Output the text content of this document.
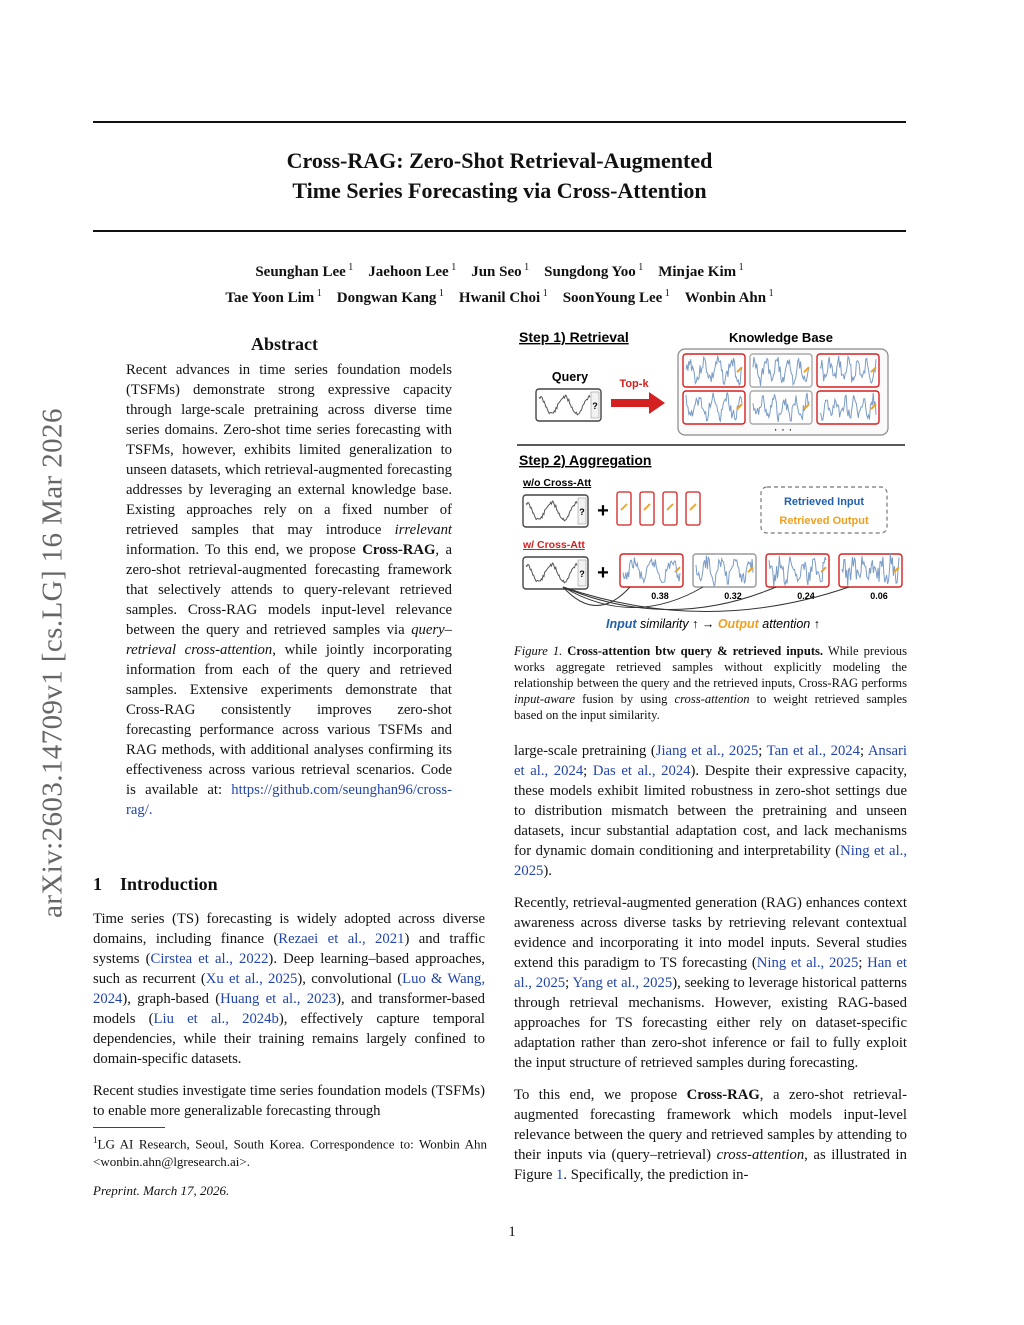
Cross-RAG: Zero-Shot Retrieval-Augmented
Time Series Forecasting via Cross-Attention
Seunghan Lee $^1$  Jaehoon Lee $^1$  Jun Seo $^1$  Sungdong Yoo $^1$  Minjae Kim $^1$
Tae Yoon Lim $^1$  Dongwan Kang $^1$  Hwanil Choi $^1$  SoonYoung Lee $^1$  Wonbin Ahn $^1$
arXiv:2603.14709v1 [cs.LG] 16 Mar 2026
Abstract
Recent advances in time series foundation models (TSFMs) demonstrate strong expressive capacity through large-scale pretraining across diverse time series domains. Zero-shot time series forecasting with TSFMs, however, exhibits limited generalization to unseen datasets, which retrieval-augmented forecasting addresses by leveraging an external knowledge base. Existing approaches rely on a fixed number of retrieved samples that may introduce irrelevant information. To this end, we propose Cross-RAG, a zero-shot retrieval-augmented forecasting framework that selectively attends to query-relevant retrieved samples. Cross-RAG models input-level relevance between the query and retrieved samples via query–retrieval cross-attention, while jointly incorporating information from each of the query and retrieved samples. Extensive experiments demonstrate that Cross-RAG consistently improves zero-shot forecasting performance across various TSFMs and RAG methods, with additional analyses confirming its effectiveness across various retrieval scenarios. Code is available at: https://github.com/seunghan96/cross-rag/.
1    Introduction

Time series (TS) forecasting is widely adopted across diverse domains, including finance (Rezaei et al., 2021) and traffic systems (Cirstea et al., 2022). Deep learning–based approaches, such as recurrent (Xu et al., 2025), convolutional (Luo & Wang, 2024), graph-based (Huang et al., 2023), and transformer-based models (Liu et al., 2024b), effectively capture temporal dependencies, while their training remains largely confined to domain-specific datasets.

Recent studies investigate time series foundation models (TSFMs) to enable more generalizable forecasting through

$^1$LG AI Research, Seoul, South Korea. Correspondence to: Wonbin Ahn <wonbin.ahn@lgresearch.ai>.
Preprint. March 17, 2026.
Step 1) Retrieval	Knowledge Base
· · ·
Query
?
Top-k
Step 2) Aggregation
w/o Cross-Att
? +	Retrieved Input
Retrieved Output
w/ Cross-Att
? +
0.38	0.32	0.24	0.06
Input similarity ↑ → Output attention ↑
Figure 1. Cross-attention btw query & retrieved inputs. While previous works aggregate retrieved samples without explicitly modeling the relationship between the query and the retrieved inputs, Cross-RAG performs input-aware fusion by using cross-attention to weight retrieved samples based on the input similarity.

large-scale pretraining (Jiang et al., 2025; Tan et al., 2024; Ansari et al., 2024; Das et al., 2024). Despite their expressive capacity, these models exhibit limited robustness in zero-shot settings due to distribution mismatch between the pretraining and unseen datasets, incur substantial adaptation cost, and lack mechanisms for dynamic domain conditioning and interpretability (Ning et al., 2025).

Recently, retrieval-augmented generation (RAG) enhances context awareness across diverse tasks by retrieving relevant contextual evidence and incorporating it into model inputs. Several studies extend this paradigm to TS forecasting (Ning et al., 2025; Han et al., 2025; Yang et al., 2025), seeking to leverage historical patterns through retrieval mechanisms. However, existing RAG-based approaches for TS forecasting either rely on dataset-specific adaptation rather than zero-shot inference or fail to fully exploit the input structure of retrieved samples during forecasting.

To this end, we propose Cross-RAG, a zero-shot retrieval-augmented forecasting framework which models input-level relevance between the query and retrieved samples by attending to their inputs via (query–retrieval) cross-attention, as illustrated in Figure 1. Specifically, the prediction in-

1
